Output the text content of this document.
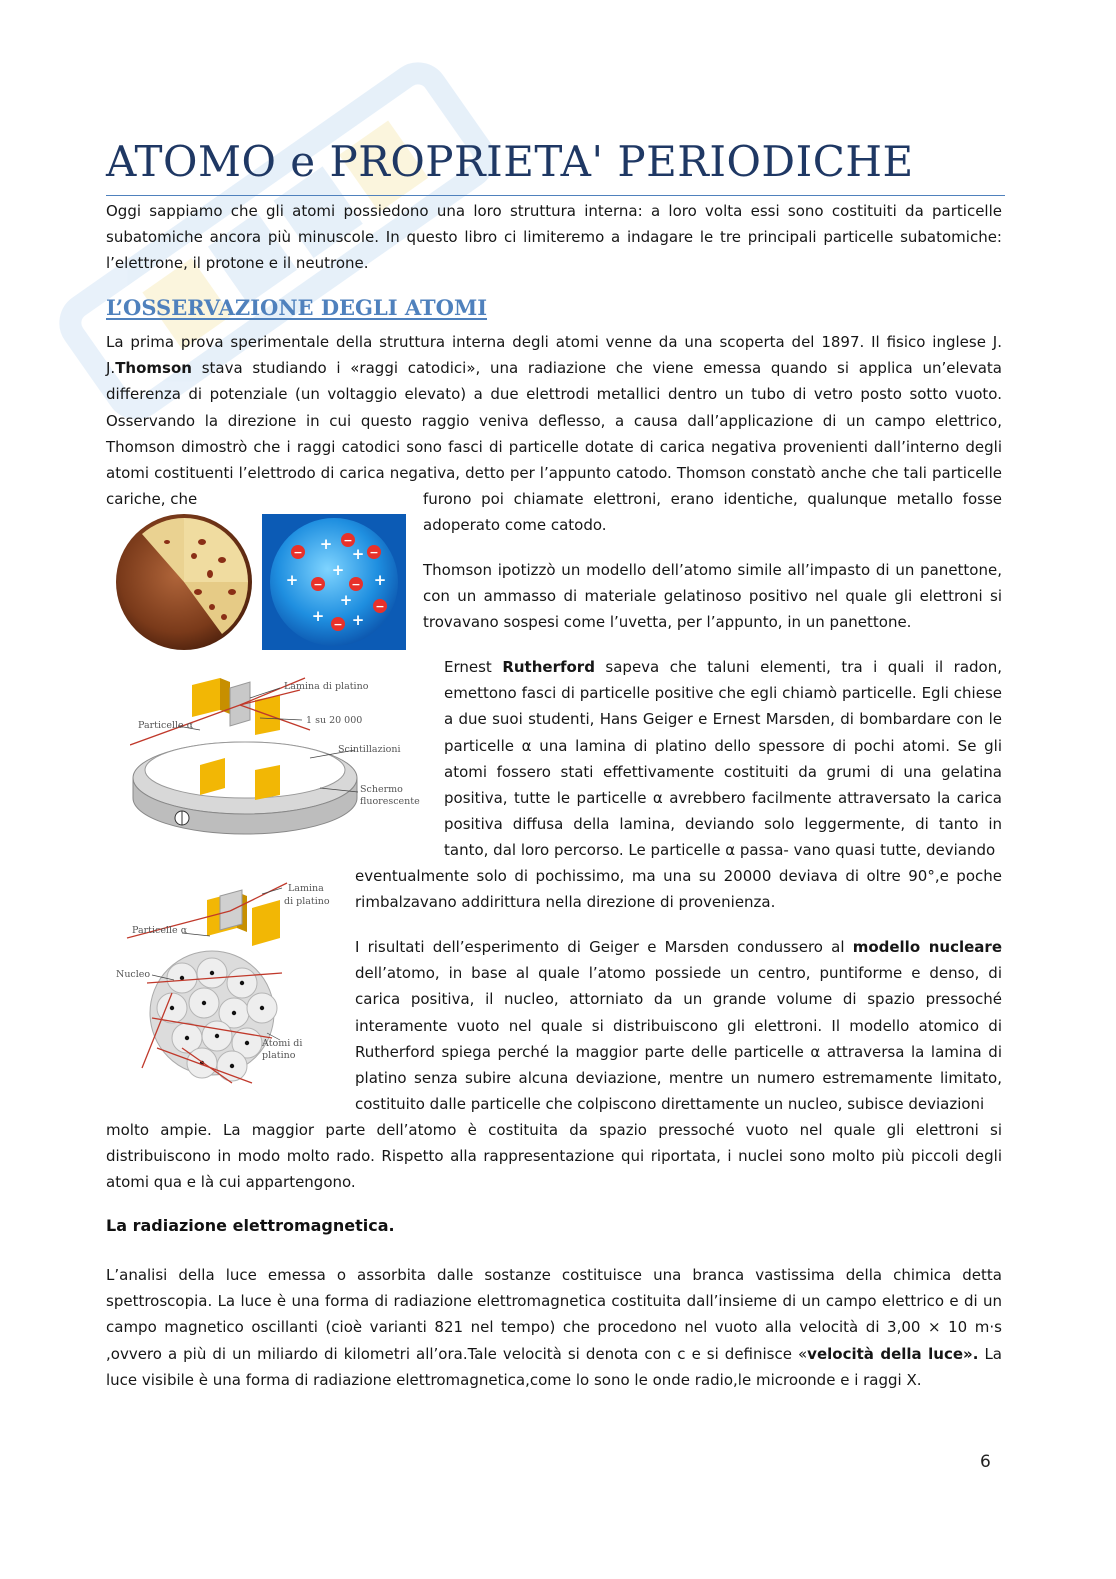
ATOMO e PROPRIETA' PERIODICHE

Oggi sappiamo che gli atomi possiedono una loro struttura interna: a loro volta essi sono costituiti da particelle subatomiche ancora più minuscole. In questo libro ci limiteremo a indagare le tre principali particelle subatomiche: l’elettrone, il protone e il neutrone.

L’OSSERVAZIONE DEGLI ATOMI

La prima prova sperimentale della struttura interna degli atomi venne da una scoperta del 1897. Il fisico inglese J. J.Thomson stava studiando i «raggi catodici», una radiazione che viene emessa quando si applica un’elevata differenza di potenziale (un voltaggio elevato) a due elettrodi metallici dentro un tubo di vetro posto sotto vuoto. Osservando la direzione in cui questo raggio veniva deflesso, a causa dall’applicazione di un campo elettrico, Thomson dimostrò che i raggi catodici sono fasci di particelle dotate di carica negativa provenienti dall’interno degli atomi costituenti l’elettrodo di carica negativa, detto per l’appunto catodo. Thomson constatò anche che tali particelle cariche, che	furono poi chiamate elettroni, erano identiche, qualunque metallo fosse adoperato come catodo.

Thomson ipotizzò un modello dell’atomo simile all’impasto di un panettone, con un ammasso di materiale gelatinoso positivo nel quale gli elettroni si trovavano sospesi come l’uvetta, per l’appunto, in un panettone.

Ernest Rutherford sapeva che taluni elementi, tra i quali il radon, emettono fasci di particelle positive che egli chiamò particelle. Egli chiese a due suoi studenti, Hans Geiger e Ernest Marsden, di bombardare con le particelle α una lamina di platino dello spessore di pochi atomi. Se gli atomi fossero stati effettivamente costituiti da grumi di una gelatina positiva, tutte le particelle α avrebbero facilmente attraversato la carica positiva diffusa della lamina, deviando solo leggermente, di tanto in tanto, dal loro percorso. Le particelle α passa- vano quasi tutte, deviando

eventualmente solo di pochissimo, ma una su 20000 deviava di oltre 90°,e poche rimbalzavano addirittura nella direzione di provenienza.

I risultati dell’esperimento di Geiger e Marsden condussero al modello nucleare dell’atomo, in base al quale l’atomo possiede un centro, puntiforme e denso, di carica positiva, il nucleo, attorniato da un grande volume di spazio pressoché interamente vuoto nel quale si distribuiscono gli elettroni. Il modello atomico di Rutherford spiega perché la maggior parte delle particelle α attraversa la lamina di platino senza subire alcuna deviazione, mentre un numero estremamente limitato, costituito dalle particelle che colpiscono direttamente un nucleo, subisce deviazioni

molto ampie. La maggior parte dell’atomo è costituita da spazio pressoché vuoto nel quale gli elettroni si distribuiscono in modo molto rado. Rispetto alla rappresentazione qui riportata, i nuclei sono molto più piccoli degli atomi qua e là cui appartengono.

La radiazione elettromagnetica.

L’analisi della luce emessa o assorbita dalle sostanze costituisce una branca vastissima della chimica detta spettroscopia. La luce è una forma di radiazione elettromagnetica costituita dall’insieme di un campo elettrico e di un campo magnetico oscillanti (cioè varianti 821 nel tempo) che procedono nel vuoto alla velocità di 3,00 × 10 m·s ,ovvero a più di un miliardo di kilometri all’ora.Tale velocità si denota con c e si definisce «velocità della luce». La luce visibile è una forma di radiazione elettromagnetica,come lo sono le onde radio,le microonde e i raggi X.

6
−
−
−
−	−
−
−
+
+
+
+	+
+
+ +
Lamina di platino
Particelle α	1 su 20 000
Scintillazioni
Schermo
fluorescente
Lamina
di platino
Particelle α
Nucleo
Atomi di
platino
